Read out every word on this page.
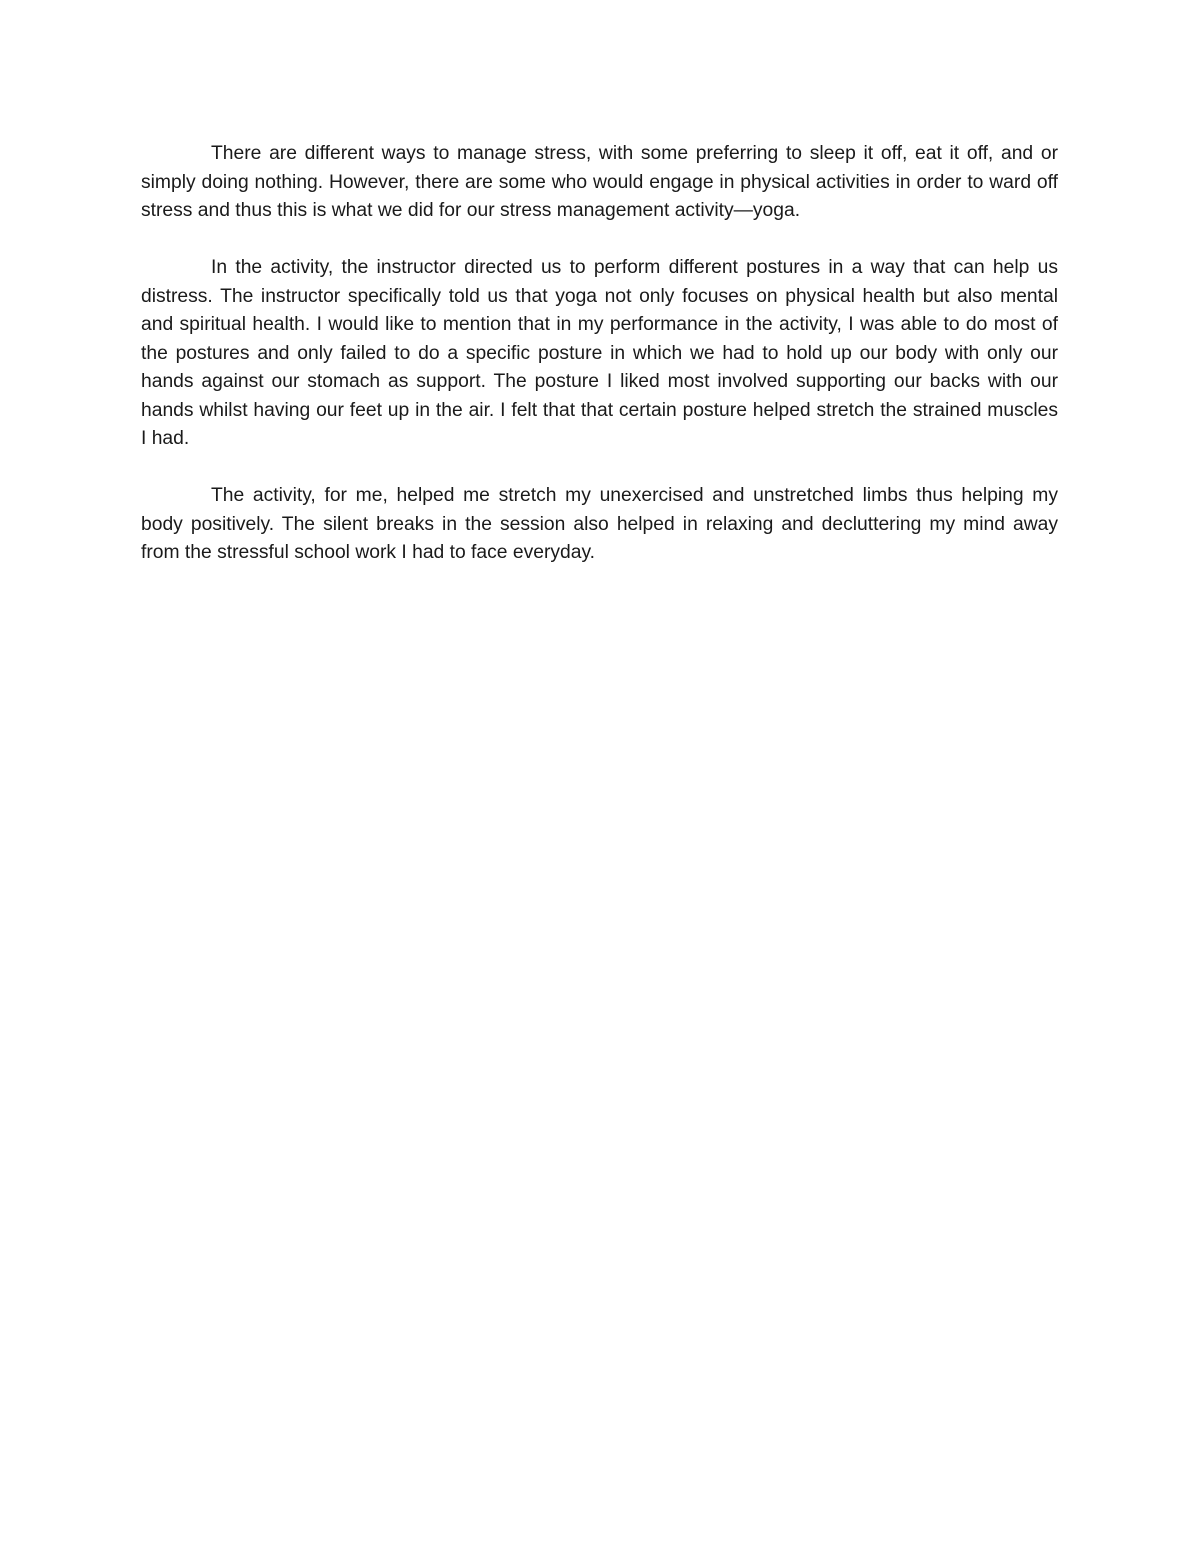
There are different ways to manage stress, with some preferring to sleep it off, eat it off, and or simply doing nothing. However, there are some who would engage in physical activities in order to ward off stress and thus this is what we did for our stress management activity—yoga.

In the activity, the instructor directed us to perform different postures in a way that can help us distress. The instructor specifically told us that yoga not only focuses on physical health but also mental and spiritual health. I would like to mention that in my performance in the activity, I was able to do most of the postures and only failed to do a specific posture in which we had to hold up our body with only our hands against our stomach as support. The posture I liked most involved supporting our backs with our hands whilst having our feet up in the air. I felt that that certain posture helped stretch the strained muscles I had.

The activity, for me, helped me stretch my unexercised and unstretched limbs thus helping my body positively. The silent breaks in the session also helped in relaxing and decluttering my mind away from the stressful school work I had to face everyday.
